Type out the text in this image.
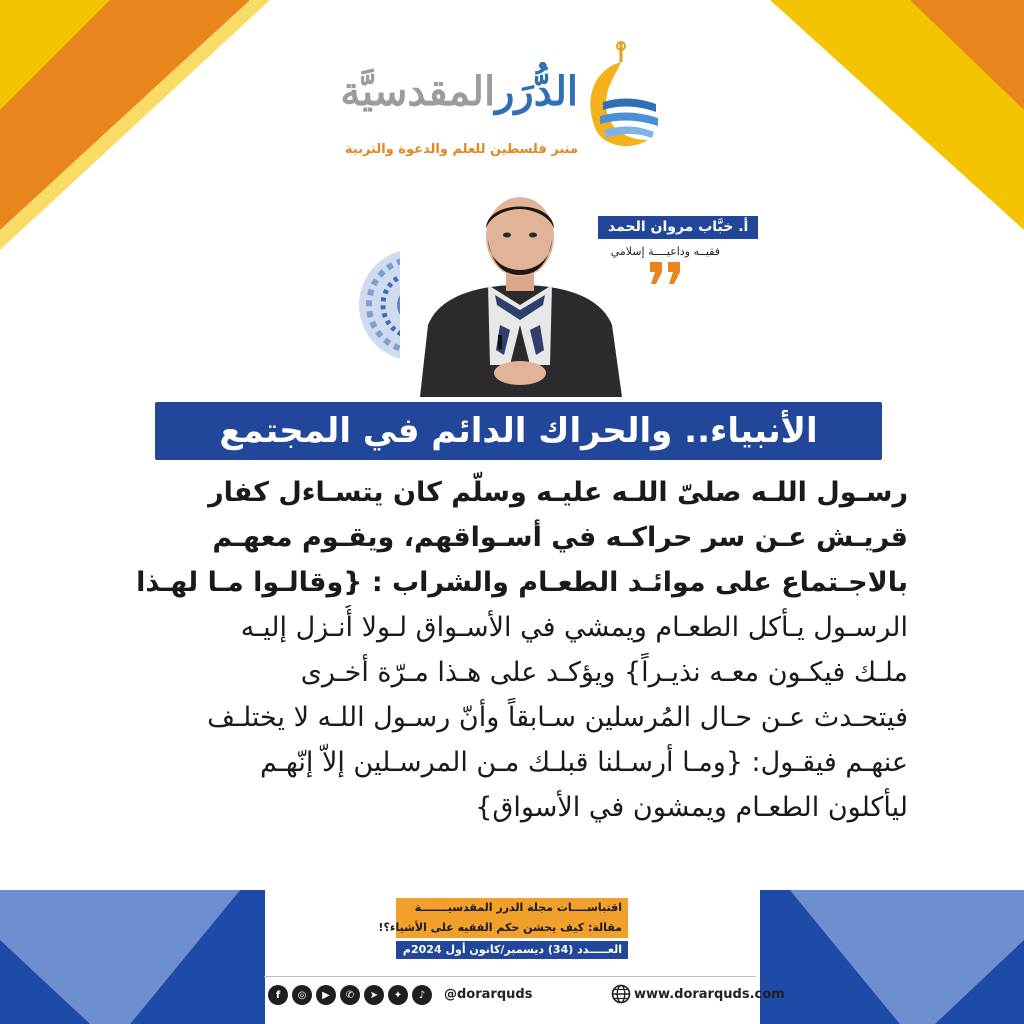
الدُّرَرالمقدسيَّة
منبر فلسطين للعلم والدعوة والتربية
أ. خبَّاب مروان الحمد
فقيــه وداعيــــة إسلامي
الأنبياء.. والحراك الدائم في المجتمع
رسـول اللـه صلىّ اللـه عليـه وسلّم كان يتسـاءل كفار
قريـش عـن سر حراكـه في أسـواقهم، ويقـوم معهـم
بالاجـتماع على موائـد الطعـام والشراب : {وقالـوا مـا لهـذا
الرسـول يـأكل الطعـام ويمشي في الأسـواق لـولا أُنـزل إليـه
ملـك فيكـون معـه نذيـراً} ويؤكـد على هـذا مـرّة أخـرى
فيتحـدث عـن حـال المُرسلين سـابقاً وأنّ رسـول اللـه لا يختلـف
عنهـم فيقـول: {ومـا أرسـلنا قبلـك مـن المرسـلين إلاّ إنّهـم
ليأكلون الطعـام ويمشون في الأسواق}
اقتباســــات مجلة الدرر المقدسيـــــــة
مقالة: كيف يحشن حكم الفقيه على الأشياء؟!
العـــــدد (34) ديسمبر/كانون أول 2024م
f	◎	▶	✆	➤	✦	♪	@dorarquds	www.dorarquds.com
